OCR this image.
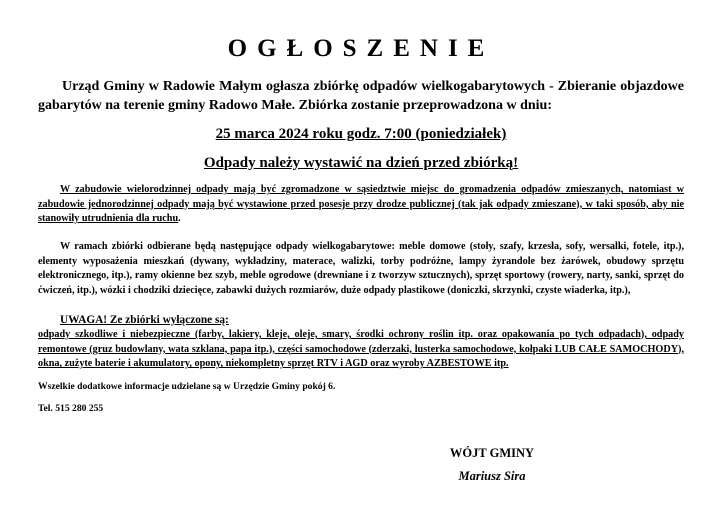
OGŁOSZENIE

Urząd Gminy w Radowie Małym ogłasza zbiórkę odpadów wielkogabarytowych - Zbieranie objazdowe gabarytów na terenie gminy Radowo Małe. Zbiórka zostanie przeprowadzona w dniu:

25 marca 2024 roku godz. 7:00 (poniedziałek)
Odpady należy wystawić na dzień przed zbiórką!

W zabudowie wielorodzinnej odpady mają być zgromadzone w sąsiedztwie miejsc do gromadzenia odpadów zmieszanych, natomiast w zabudowie jednorodzinnej odpady mają być wystawione przed posesje przy drodze publicznej (tak jak odpady zmieszane), w taki sposób, aby nie stanowiły utrudnienia dla ruchu.

W ramach zbiórki odbierane będą następujące odpady wielkogabarytowe: meble domowe (stoły, szafy, krzesła, sofy, wersalki, fotele, itp.), elementy wyposażenia mieszkań (dywany, wykładziny, materace, walizki, torby podróżne, lampy żyrandole bez żarówek, obudowy sprzętu elektronicznego, itp.), ramy okienne bez szyb, meble ogrodowe (drewniane i z tworzyw sztucznych), sprzęt sportowy (rowery, narty, sanki, sprzęt do ćwiczeń, itp.), wózki i chodziki dziecięce, zabawki dużych rozmiarów, duże odpady plastikowe (doniczki, skrzynki, czyste wiaderka, itp.),

UWAGA! Ze zbiórki wyłączone są:

odpady szkodliwe i niebezpieczne (farby, lakiery, kleje, oleje, smary, środki ochrony roślin itp. oraz opakowania po tych odpadach), odpady remontowe (gruz budowlany, wata szklana, papa itp.), części samochodowe (zderzaki, lusterka samochodowe, kołpaki LUB CAŁE SAMOCHODY), okna, zużyte baterie i akumulatory, opony, niekompletny sprzęt RTV i AGD oraz wyroby AZBESTOWE itp.

Wszelkie dodatkowe informacje udzielane są w Urzędzie Gminy pokój 6.
Tel. 515 280 255
WÓJT GMINY
Mariusz Sira
